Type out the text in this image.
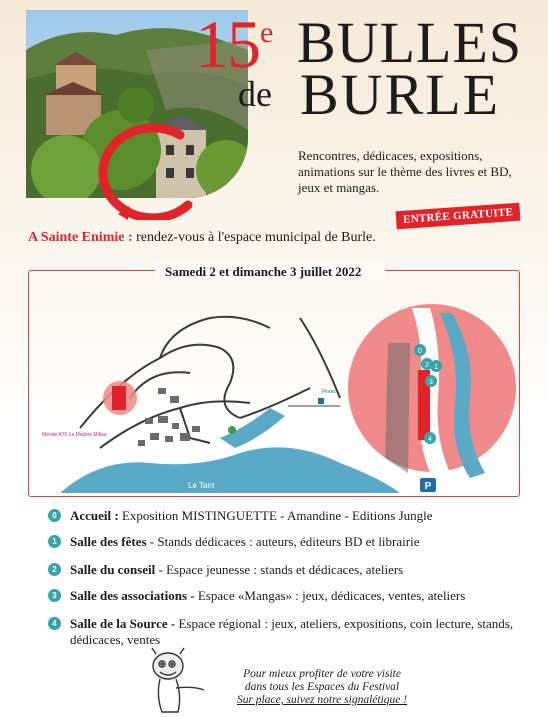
15e BULLES
de BURLE
Rencontres, dédicaces, expositions, animations sur le thème des livres et BD, jeux et mangas.
ENTRÉE GRATUITE
A Sainte Enimie : rendez-vous à l'espace municipal de Burle.
Samedi 2 et dimanche 3 juillet 2022
Le Tarn
Mende A75 La Malène Millau
Florac
0
2 1
3
4
P
0	Accueil : Exposition MISTINGUETTE - Amandine - Editions Jungle
1	Salle des fêtes - Stands dédicaces : auteurs, éditeurs BD et librairie
2	Salle du conseil - Espace jeunesse : stands et dédicaces, ateliers
3	Salle des associations - Espace «Mangas» : jeux, dédicaces, ventes, ateliers
4	Salle de la Source - Espace régional : jeux, ateliers, expositions, coin lecture, stands, dédicaces, ventes
Pour mieux profiter de votre visite
dans tous les Espaces du Festival
Sur place, suivez notre signalétique !
